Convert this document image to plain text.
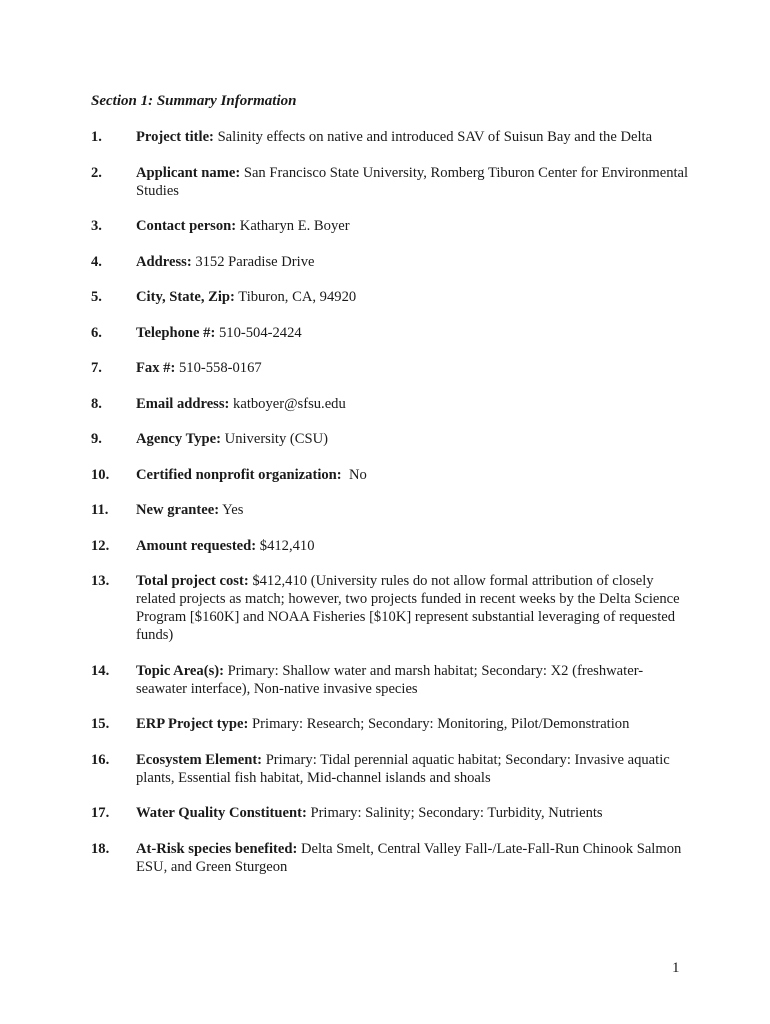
Section 1: Summary Information
1.	Project title: Salinity effects on native and introduced SAV of Suisun Bay and the Delta
2.	Applicant name: San Francisco State University, Romberg Tiburon Center for Environmental Studies
3.	Contact person: Katharyn E. Boyer
4.	Address: 3152 Paradise Drive
5.	City, State, Zip: Tiburon, CA, 94920
6.	Telephone #: 510-504-2424
7.	Fax #: 510-558-0167
8.	Email address: katboyer@sfsu.edu
9.	Agency Type: University (CSU)
10.	Certified nonprofit organization:  No
11.	New grantee: Yes
12.	Amount requested: $412,410
13.	Total project cost: $412,410 (University rules do not allow formal attribution of closely related projects as match; however, two projects funded in recent weeks by the Delta Science Program [$160K] and NOAA Fisheries [$10K] represent substantial leveraging of requested funds)
14.	Topic Area(s): Primary: Shallow water and marsh habitat; Secondary: X2 (freshwater-seawater interface), Non-native invasive species
15.	ERP Project type: Primary: Research; Secondary: Monitoring, Pilot/Demonstration
16.	Ecosystem Element: Primary: Tidal perennial aquatic habitat; Secondary: Invasive aquatic plants, Essential fish habitat, Mid-channel islands and shoals
17.	Water Quality Constituent: Primary: Salinity; Secondary: Turbidity, Nutrients
18.	At-Risk species benefited: Delta Smelt, Central Valley Fall-/Late-Fall-Run Chinook Salmon ESU, and Green Sturgeon
1
